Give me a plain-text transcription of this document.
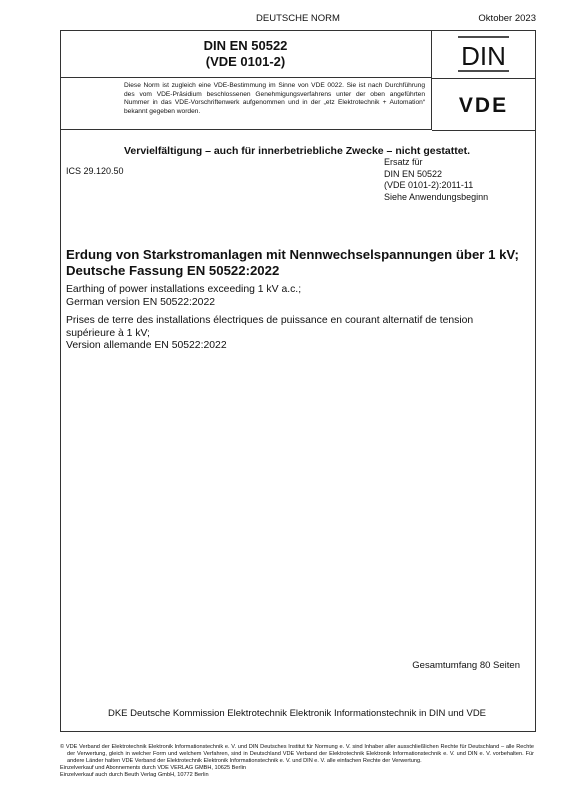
DEUTSCHE NORM	Oktober 2023
DIN EN 50522
(VDE 0101-2)	DIN
Diese Norm ist zugleich eine VDE-Bestimmung im Sinne von VDE 0022. Sie ist nach Durchführung des vom VDE-Präsidium beschlossenen Genehmigungsverfahrens unter der oben angeführten Nummer in das VDE-Vorschriftenwerk aufgenommen und in der „etz Elektrotechnik + Automation“ bekannt gegeben worden.	VDE
Vervielfältigung – auch für innerbetriebliche Zwecke – nicht gestattet.
ICS 29.120.50
Ersatz für
DIN EN 50522
(VDE 0101-2):2011-11
Siehe Anwendungsbeginn
Erdung von Starkstromanlagen mit Nennwechselspannungen über 1 kV;
Deutsche Fassung EN 50522:2022
Earthing of power installations exceeding 1 kV a.c.;
German version EN 50522:2022
Prises de terre des installations électriques de puissance en courant alternatif de tension
supérieure à 1 kV;
Version allemande EN 50522:2022
Gesamtumfang 80 Seiten
DKE Deutsche Kommission Elektrotechnik Elektronik Informationstechnik in DIN und VDE

© VDE Verband der Elektrotechnik Elektronik Informationstechnik e. V. und DIN Deutsches Institut für Normung e. V. sind Inhaber aller ausschließlichen Rechte für Deutschland – alle Rechte der Verwertung, gleich in welcher Form und welchem Verfahren, sind in Deutschland VDE Verband der Elektrotechnik Elektronik Informationstechnik e. V. und DIN e. V. vorbehalten. Für andere Länder halten VDE Verband der Elektrotechnik Elektronik Informationstechnik e. V. und DIN e. V. alle einfachen Rechte der Verwertung.

Einzelverkauf und Abonnements durch VDE VERLAG GMBH, 10625 Berlin

Einzelverkauf auch durch Beuth Verlag GmbH, 10772 Berlin
